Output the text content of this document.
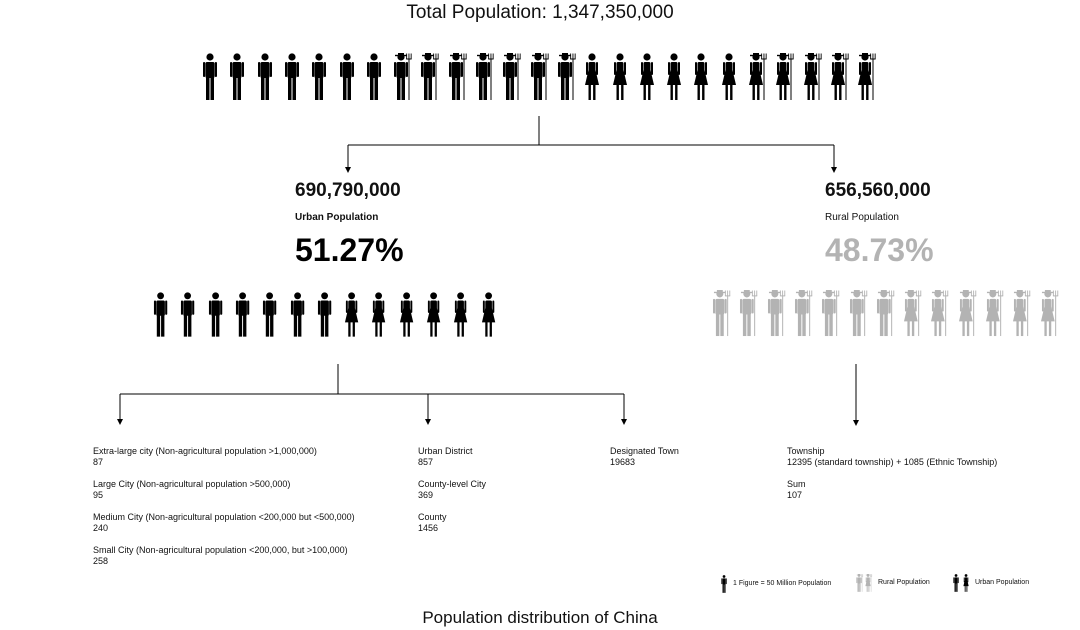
Total Population: 1,347,350,000
690,790,000
Urban Population
51.27%
656,560,000
Rural Population
48.73%
Extra-large city (Non-agricultural population >1,000,000)
87
Large City (Non-agricultural population >500,000)
95
Medium City (Non-agricultural population <200,000 but <500,000)
240
Small City (Non-agricultural population <200,000, but >100,000)
258
Urban District
857
County-level City
369
County
1456
Designated Town
19683
Township
12395 (standard township) + 1085 (Ethnic Township)
Sum
107
1 Figure = 50 Million Population	Rural Population	Urban Population
Population distribution of China
